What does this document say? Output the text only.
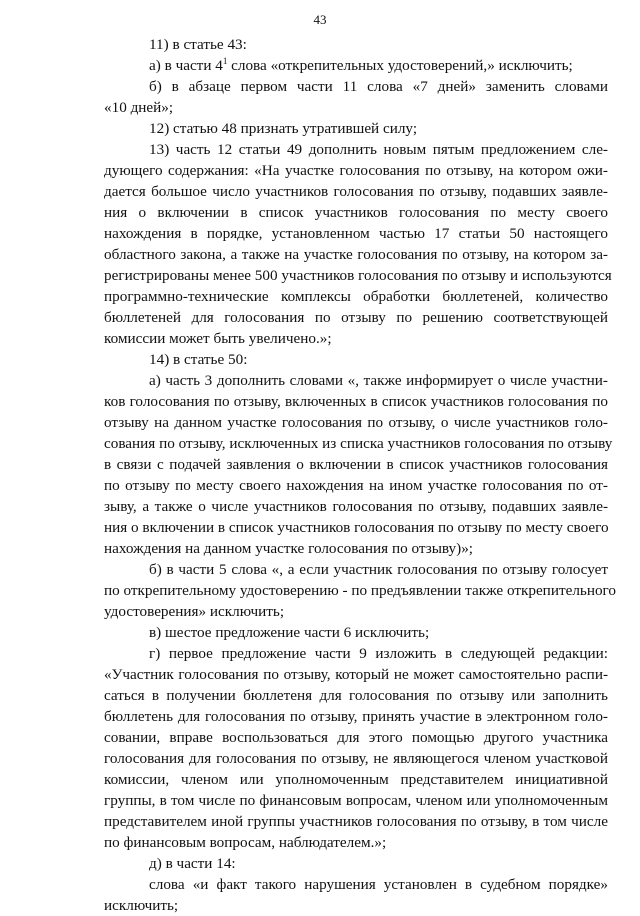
43
11) в статье 43:
а) в части $4^1$ слова «открепительных удостоверений,» исключить;
б) в абзаце первом части 11 слова «7 дней» заменить словами
«10 дней»;
12) статью 48 признать утратившей силу;
13) часть 12 статьи 49 дополнить новым пятым предложением сле-
дующего содержания: «На участке голосования по отзыву, на котором ожи-
дается большое число участников голосования по отзыву, подавших заявле-
ния о включении в список участников голосования по месту своего
нахождения в порядке, установленном частью 17 статьи 50 настоящего
областного закона, а также на участке голосования по отзыву, на котором за-
регистрированы менее 500 участников голосования по отзыву и используются
программно-технические комплексы обработки бюллетеней, количество
бюллетеней для голосования по отзыву по решению соответствующей
комиссии может быть увеличено.»;
14) в статье 50:
а) часть 3 дополнить словами «, также информирует о числе участни-
ков голосования по отзыву, включенных в список участников голосования по
отзыву на данном участке голосования по отзыву, о числе участников голо-
сования по отзыву, исключенных из списка участников голосования по отзыву
в связи с подачей заявления о включении в список участников голосования
по отзыву по месту своего нахождения на ином участке голосования по от-
зыву, а также о числе участников голосования по отзыву, подавших заявле-
ния о включении в список участников голосования по отзыву по месту своего
нахождения на данном участке голосования по отзыву)»;
б) в части 5 слова «, а если участник голосования по отзыву голосует
по открепительному удостоверению - по предъявлении также открепительного
удостоверения» исключить;
в) шестое предложение части 6 исключить;
г) первое предложение части 9 изложить в следующей редакции:
«Участник голосования по отзыву, который не может самостоятельно распи-
саться в получении бюллетеня для голосования по отзыву или заполнить
бюллетень для голосования по отзыву, принять участие в электронном голо-
совании, вправе воспользоваться для этого помощью другого участника
голосования для голосования по отзыву, не являющегося членом участковой
комиссии, членом или уполномоченным представителем инициативной
группы, в том числе по финансовым вопросам, членом или уполномоченным
представителем иной группы участников голосования по отзыву, в том числе
по финансовым вопросам, наблюдателем.»;
д) в части 14:
слова «и факт такого нарушения установлен в судебном порядке»
исключить;
